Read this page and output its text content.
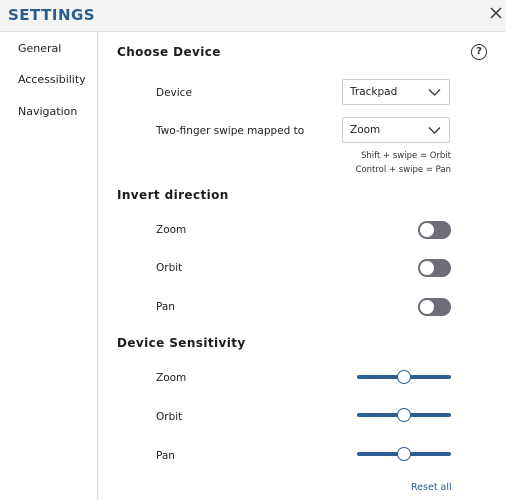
SETTINGS
General
Accessibility
Navigation
Choose Device	?
Device	Trackpad
Two-finger swipe mapped to	Zoom
Shift + swipe = Orbit
Control + swipe = Pan
Invert direction
Zoom
Orbit
Pan
Device Sensitivity
Zoom
Orbit
Pan
Reset all
